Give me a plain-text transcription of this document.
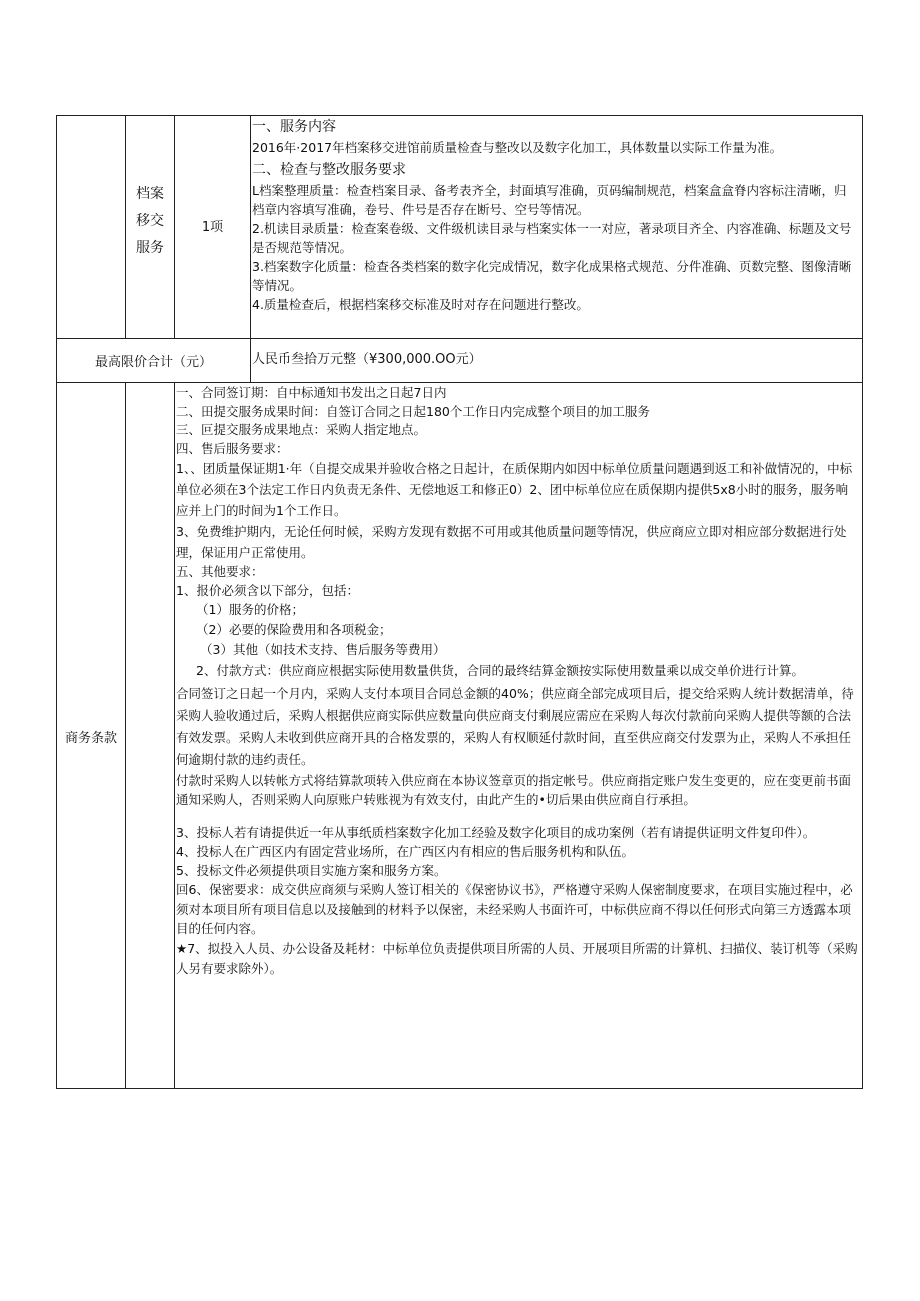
档案
移交
服务
1项

一、服务内容

2016年·2017年档案移交进馆前质量检查与整改以及数字化加工，具体数量以实际工作量为准。

二、检查与整改服务要求

L档案整理质量：检查档案目录、备考表齐全，封面填写准确，页码编制规范，档案盒盒脊内容标注清晰，归档章内容填写准确，卷号、件号是否存在断号、空号等情况。

2.机读目录质量：检查案卷级、文件级机读目录与档案实体一一对应，著录项目齐全、内容准确、标题及文号是否规范等情况。

3.档案数字化质量：检查各类档案的数字化完成情况，数字化成果格式规范、分件准确、页数完整、图像清晰等情况。

4.质量检查后，根据档案移交标准及时对存在问题进行整改。

最高限价合计（元）	人民币叁拾万元整（¥300,000.OO元）
商务条款

一、合同签订期：自中标通知书发出之日起7日内

二、田提交服务成果时间：自签订合同之日起180个工作日内完成整个项目的加工服务

三、叵提交服务成果地点：采购人指定地点。

四、售后服务要求：

1、、团质量保证期1·年（自提交成果并验收合格之日起计，在质保期内如因中标单位质量问题遇到返工和补做情况的，中标单位必须在3个法定工作日内负责无条件、无偿地返工和修正0）2、团中标单位应在质保期内提供5x8小时的服务，服务响应并上门的时间为1个工作日。

3、免费维护期内，无论任何时候，采购方发现有数据不可用或其他质量问题等情况，供应商应立即对相应部分数据进行处理，保证用户正常使用。

五、其他要求：

1、报价必须含以下部分，包括：

（1）服务的价格；

（2）必要的保险费用和各项税金；

（3）其他（如技术支持、售后服务等费用）

2、付款方式：供应商应根据实际使用数量供货，合同的最终结算金额按实际使用数量乘以成交单价进行计算。

合同签订之日起一个月内，采购人支付本项目合同总金额的40%；供应商全部完成项目后，提交给采购人统计数据清单，待采购人验收通过后，采购人根据供应商实际供应数量向供应商支付剩展应需应在采购人每次付款前向采购人提供等额的合法有效发票。采购人未收到供应商开具的合格发票的，采购人有权顺延付款时间，直至供应商交付发票为止，采购人不承担任何逾期付款的违约责任。

付款时采购人以转帐方式将结算款项转入供应商在本协议签章页的指定帐号。供应商指定账户发生变更的，应在变更前书面通知采购人，否则采购人向原账户转账视为有效支付，由此产生的•切后果由供应商自行承担。

3、投标人若有请提供近一年从事纸质档案数字化加工经验及数字化项目的成功案例（若有请提供证明文件复印件）。

4、投标人在广西区内有固定营业场所，在广西区内有相应的售后服务机构和队伍。

5、投标文件必须提供项目实施方案和服务方案。

回6、保密要求：成交供应商须与采购人签订相关的《保密协议书》，严格遵守采购人保密制度要求，在项目实施过程中，必须对本项目所有项目信息以及接触到的材料予以保密，未经采购人书面许可，中标供应商不得以任何形式向第三方透露本项目的任何内容。

★7、拟投入人员、办公设备及耗材：中标单位负责提供项目所需的人员、开展项目所需的计算机、扫描仪、装订机等（采购人另有要求除外）。
